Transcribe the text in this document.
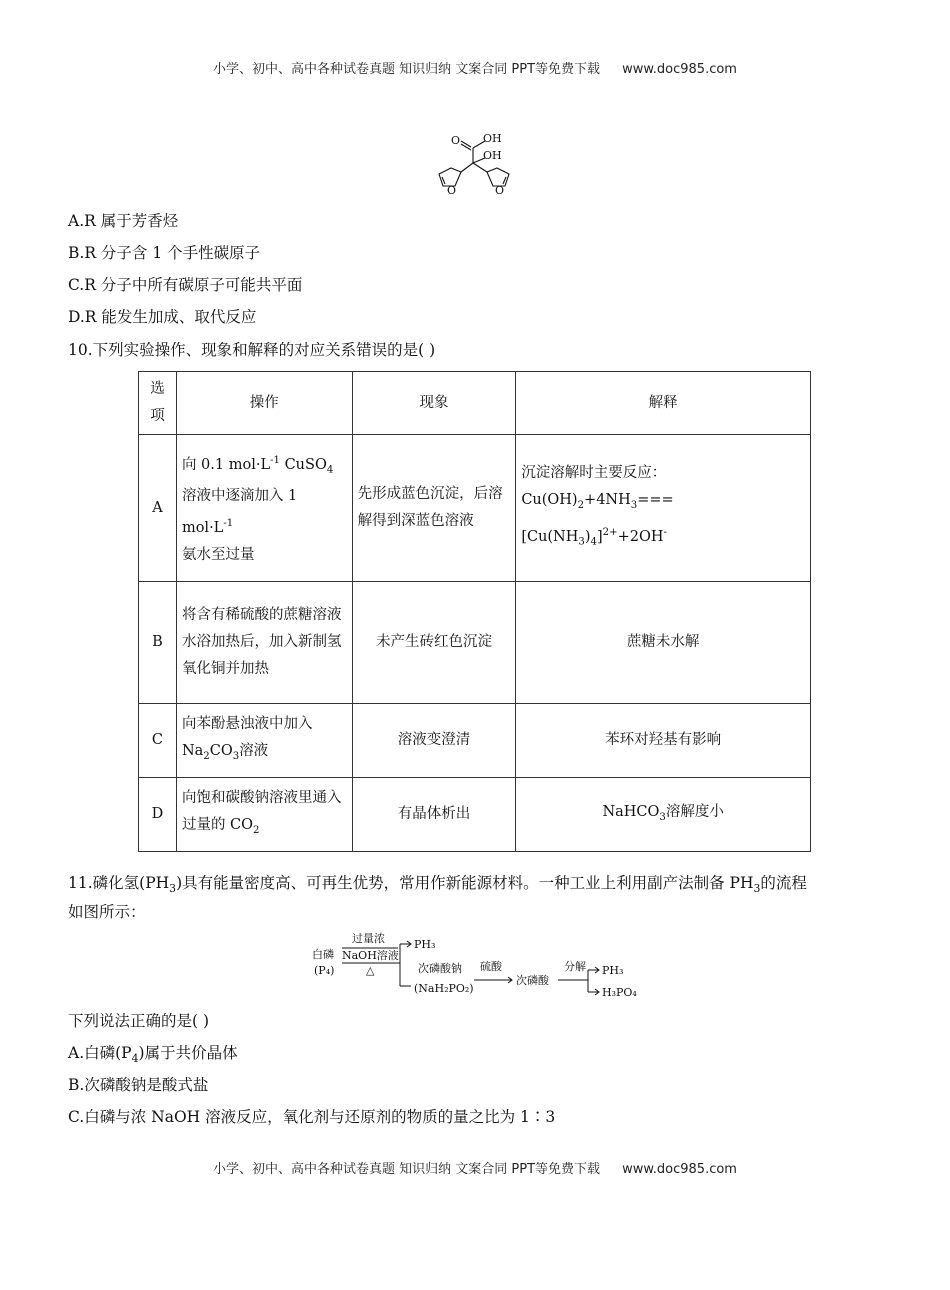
小学、初中、高中各种试卷真题 知识归纳 文案合同 PPT等免费下载 www.doc985.com
O OH
OH
O	O
A.R 属于芳香烃
B.R 分子含 1 个手性碳原子
C.R 分子中所有碳原子可能共平面
D.R 能发生加成、取代反应
10.下列实验操作、现象和解释的对应关系错误的是( )
选项	操作	现象	解释
A	向 0.1 $mol\cdot L^{-1}$ CuSO$_4$溶液中逐滴加入 1 $mol\cdot L^{-1}$
氨水至过量	先形成蓝色沉淀，后溶解得到深蓝色溶液	沉淀溶解时主要反应：
$Cu(OH)_2+4NH_3===[Cu(NH_3)_4]^{2+}+2OH^-$
B	将含有稀硫酸的蔗糖溶液水浴加热后，加入新制氢氧化铜并加热	未产生砖红色沉淀	蔗糖未水解
C	向苯酚悬浊液中加入
$Na_2CO_3$溶液	溶液变澄清	苯环对羟基有影响
D	向饱和碳酸钠溶液里通入过量的 $CO_2$	有晶体析出	NaHCO$_3$溶解度小
11.磷化氢$(PH_3)$具有能量密度高、可再生优势，常用作新能源材料。一种工业上利用副产法制备 $PH_3$的流程
如图所示：
白磷
(P₄)
过量浓
NaOH溶液
△
PH₃
次磷酸钠
(NaH₂PO₂)
硫酸
次磷酸
分解 PH₃
H₃PO₄
下列说法正确的是( )
A.白磷$(P_4)$属于共价晶体
B.次磷酸钠是酸式盐
C.白磷与浓 NaOH 溶液反应，氧化剂与还原剂的物质的量之比为 1∶3
小学、初中、高中各种试卷真题 知识归纳 文案合同 PPT等免费下载 www.doc985.com
